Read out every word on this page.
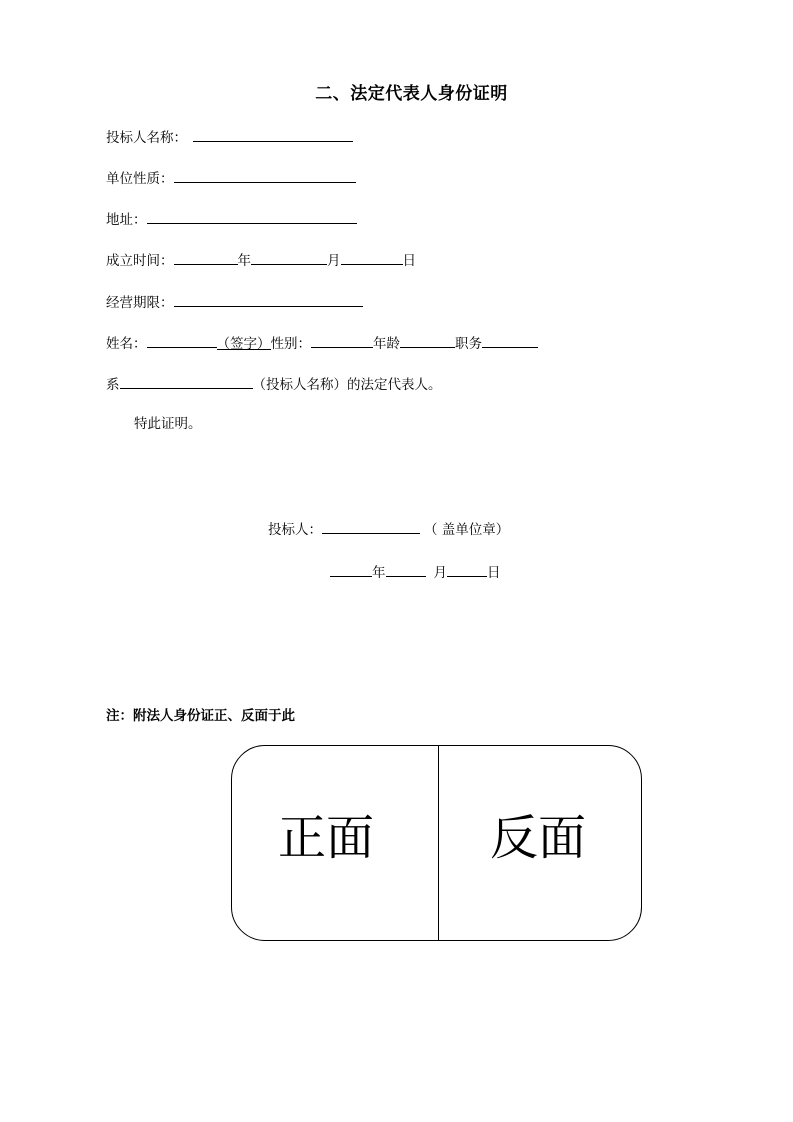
二、法定代表人身份证明
投标人名称：
单位性质：
地址：
成立时间：	年	月	日
经营期限：
姓名：	（签字）性别：	年龄	职务
系	（投标人名称）的法定代表人。
特此证明。
投标人：	（ 盖单位章）
年	月	日
注：附法人身份证正、反面于此
正面 反面
